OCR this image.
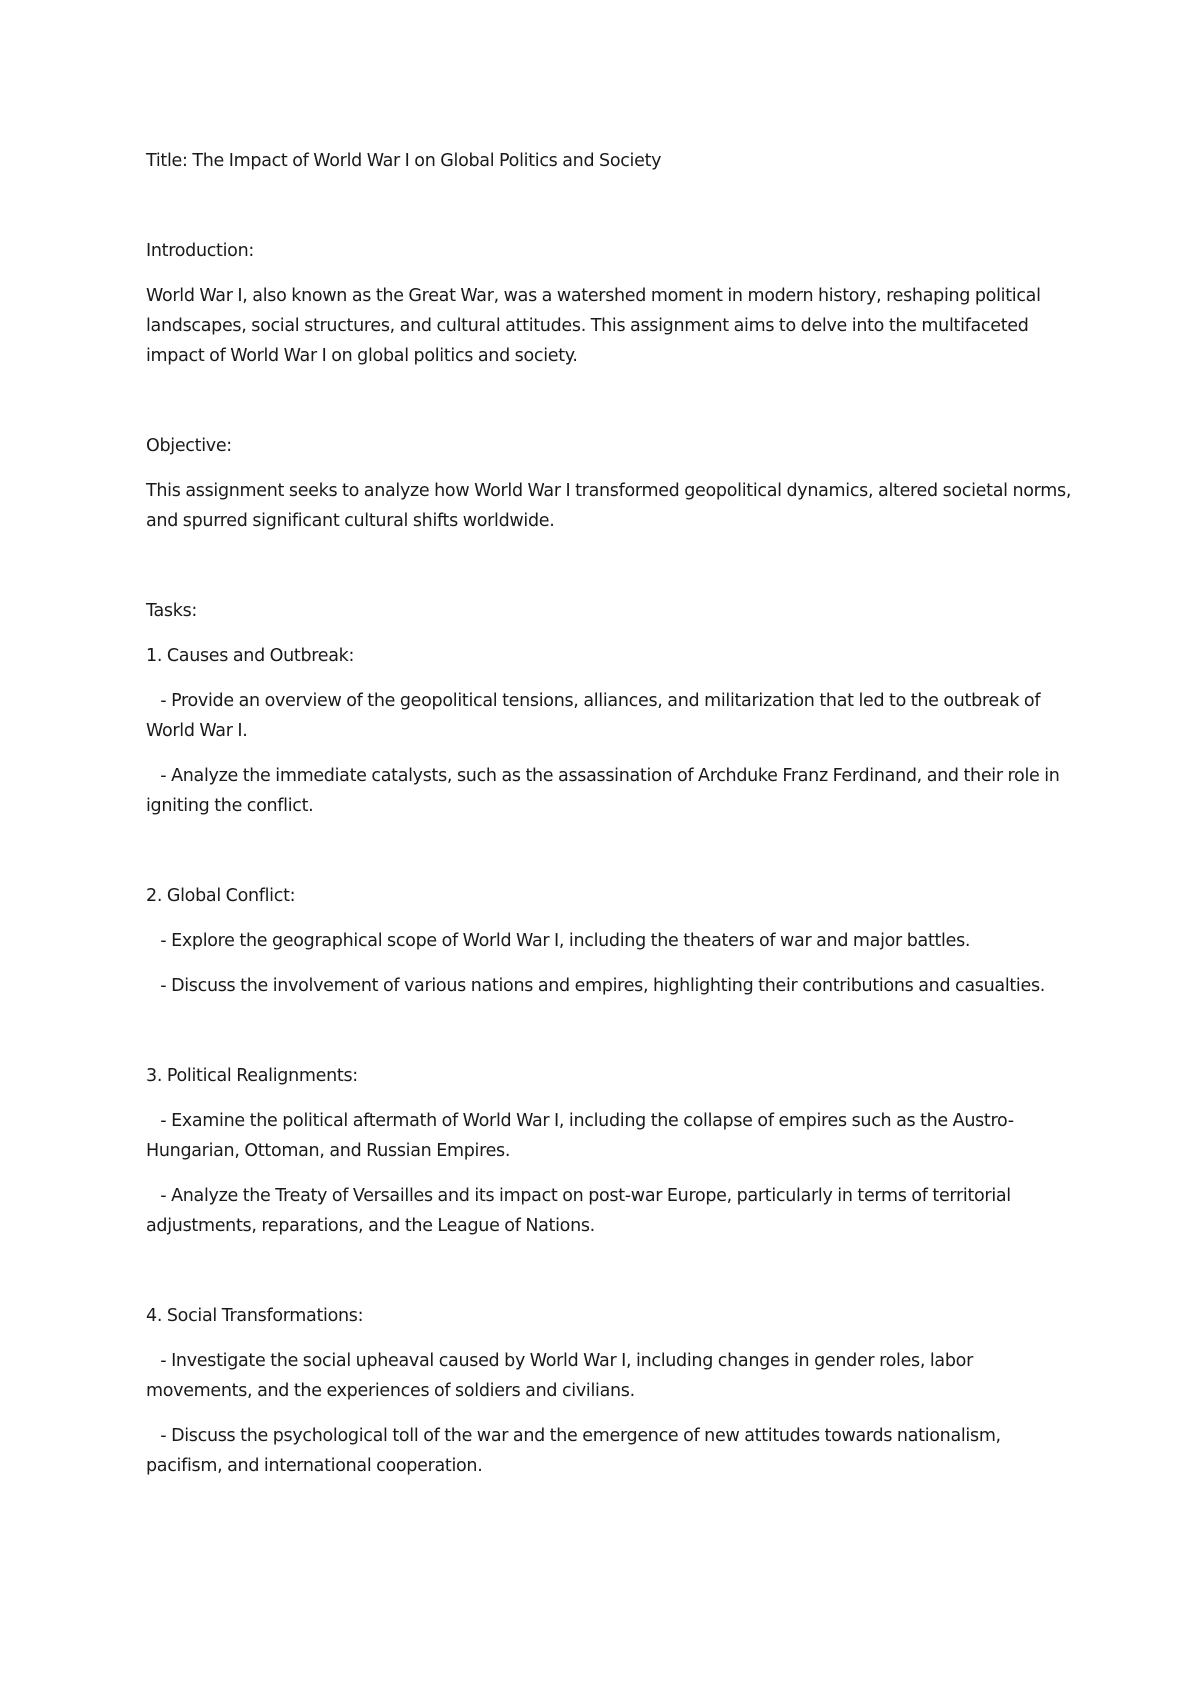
Title: The Impact of World War I on Global Politics and Society

Introduction:

World War I, also known as the Great War, was a watershed moment in modern history, reshaping political landscapes, social structures, and cultural attitudes. This assignment aims to delve into the multifaceted impact of World War I on global politics and society.

Objective:

This assignment seeks to analyze how World War I transformed geopolitical dynamics, altered societal norms, and spurred significant cultural shifts worldwide.

Tasks:

1. Causes and Outbreak:

- Provide an overview of the geopolitical tensions, alliances, and militarization that led to the outbreak of World War I.

- Analyze the immediate catalysts, such as the assassination of Archduke Franz Ferdinand, and their role in igniting the conflict.

2. Global Conflict:

- Explore the geographical scope of World War I, including the theaters of war and major battles.

- Discuss the involvement of various nations and empires, highlighting their contributions and casualties.

3. Political Realignments:

- Examine the political aftermath of World War I, including the collapse of empires such as the Austro-Hungarian, Ottoman, and Russian Empires.

- Analyze the Treaty of Versailles and its impact on post-war Europe, particularly in terms of territorial adjustments, reparations, and the League of Nations.

4. Social Transformations:

- Investigate the social upheaval caused by World War I, including changes in gender roles, labor movements, and the experiences of soldiers and civilians.

- Discuss the psychological toll of the war and the emergence of new attitudes towards nationalism, pacifism, and international cooperation.
